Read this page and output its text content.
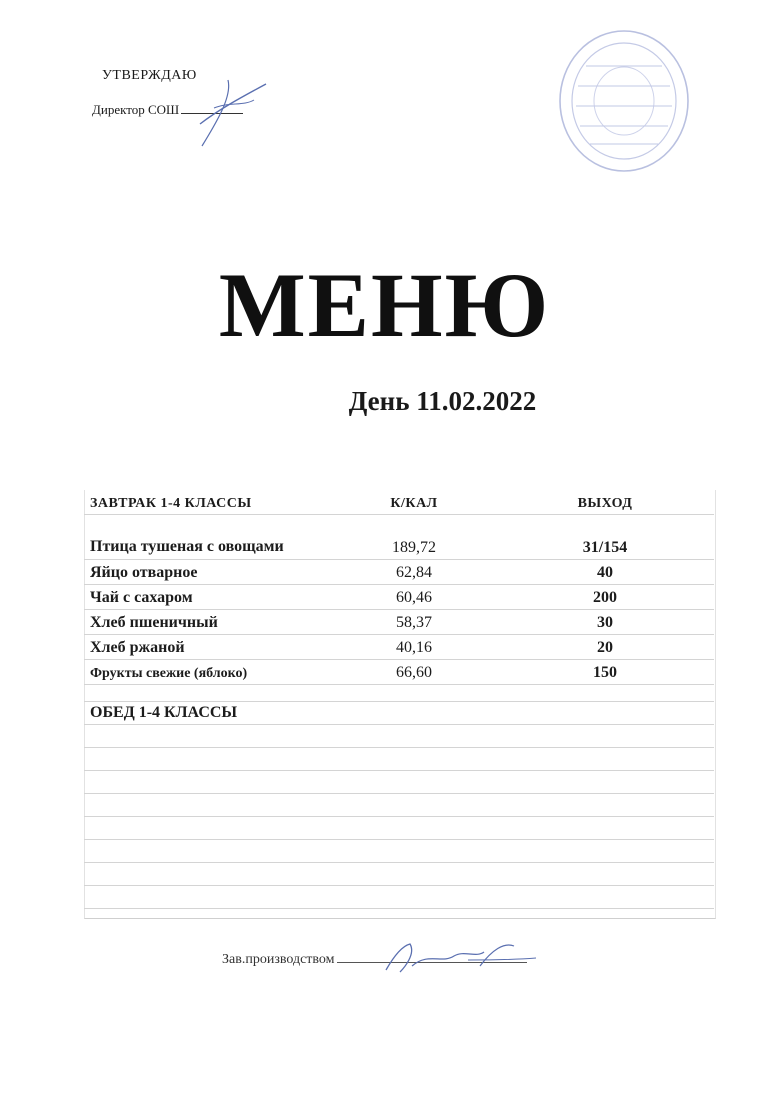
УТВЕРЖДАЮ
Директор СОШ
МЕНЮ
День 11.02.2022
ЗАВТРАК 1-4 КЛАССЫ	К/КАЛ	ВЫХОД
Птица тушеная с овощами	189,72	31/154
Яйцо отварное	62,84	40
Чай с сахаром	60,46	200
Хлеб пшеничный	58,37	30
Хлеб ржаной	40,16	20
Фрукты свежие (яблоко)	66,60	150
ОБЕД 1-4 КЛАССЫ
Зав.производством
